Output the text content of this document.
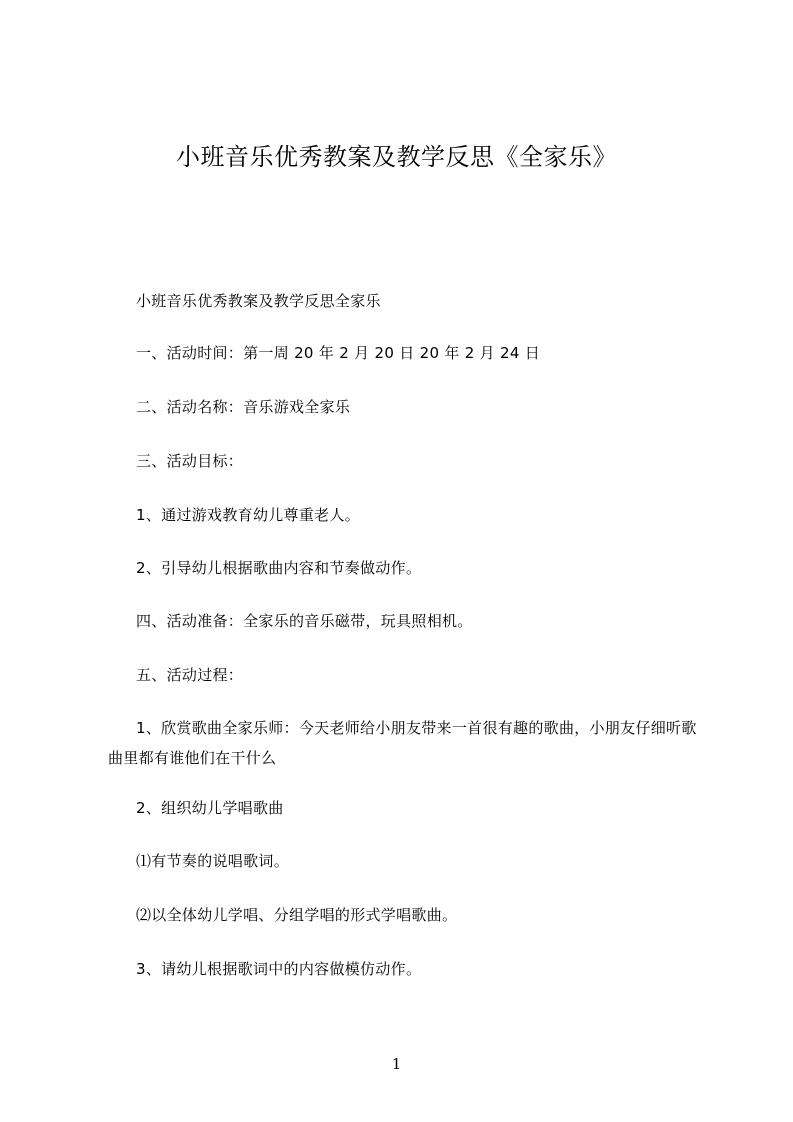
小班音乐优秀教案及教学反思《全家乐》
小班音乐优秀教案及教学反思全家乐
一、活动时间：第一周 20 年 2 月 20 日 20 年 2 月 24 日
二、活动名称：音乐游戏全家乐
三、活动目标：
1、通过游戏教育幼儿尊重老人。
2、引导幼儿根据歌曲内容和节奏做动作。
四、活动准备：全家乐的音乐磁带，玩具照相机。
五、活动过程：
1、欣赏歌曲全家乐师：今天老师给小朋友带来一首很有趣的歌曲，小朋友仔细听歌曲里都有谁他们在干什么
2、组织幼儿学唱歌曲
⑴有节奏的说唱歌词。
⑵以全体幼儿学唱、分组学唱的形式学唱歌曲。
3、请幼儿根据歌词中的内容做模仿动作。
1
